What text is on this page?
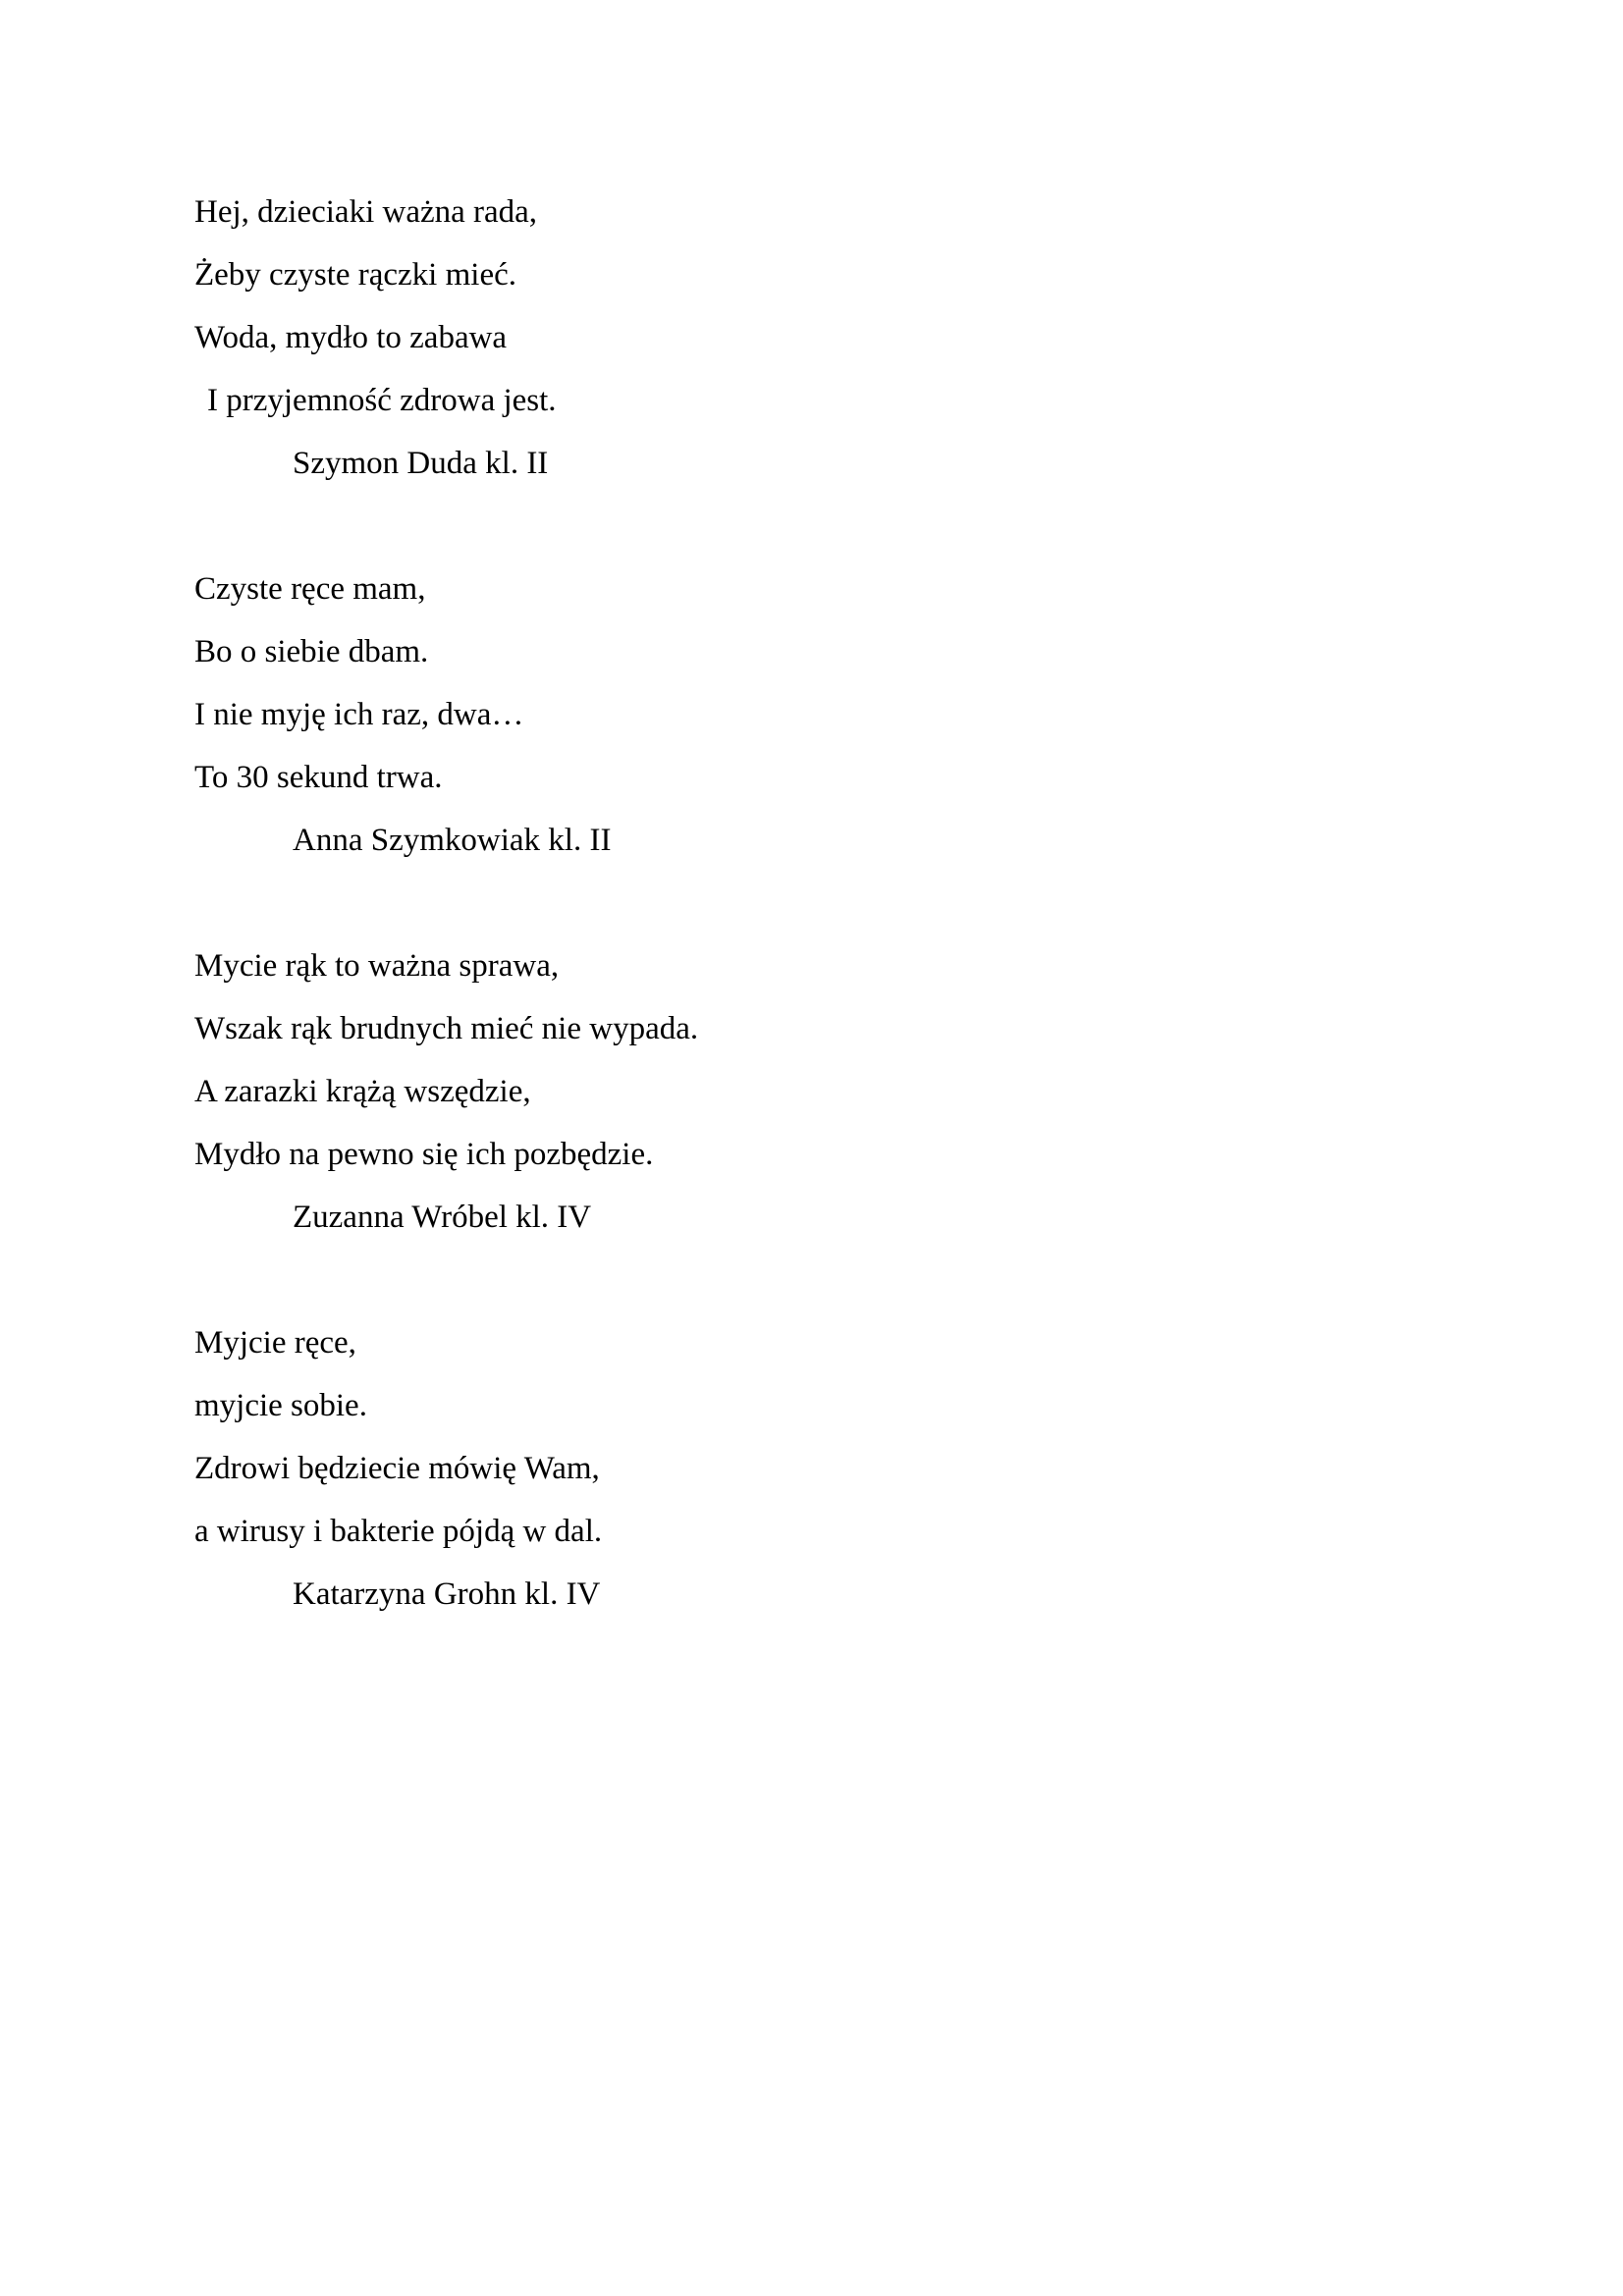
Hej, dzieciaki ważna rada,
Żeby czyste rączki mieć.
Woda, mydło to zabawa
I przyjemność zdrowa jest.
Szymon Duda kl. II
Czyste ręce mam,
Bo o siebie dbam.
I nie myję ich raz, dwa…
To 30 sekund trwa.
Anna Szymkowiak kl. II
Mycie rąk to ważna sprawa,
Wszak rąk brudnych mieć nie wypada.
A zarazki krążą wszędzie,
Mydło na pewno się ich pozbędzie.
Zuzanna Wróbel kl. IV
Myjcie ręce,
myjcie sobie.
Zdrowi będziecie mówię Wam,
a wirusy i bakterie pójdą w dal.
Katarzyna Grohn kl. IV
